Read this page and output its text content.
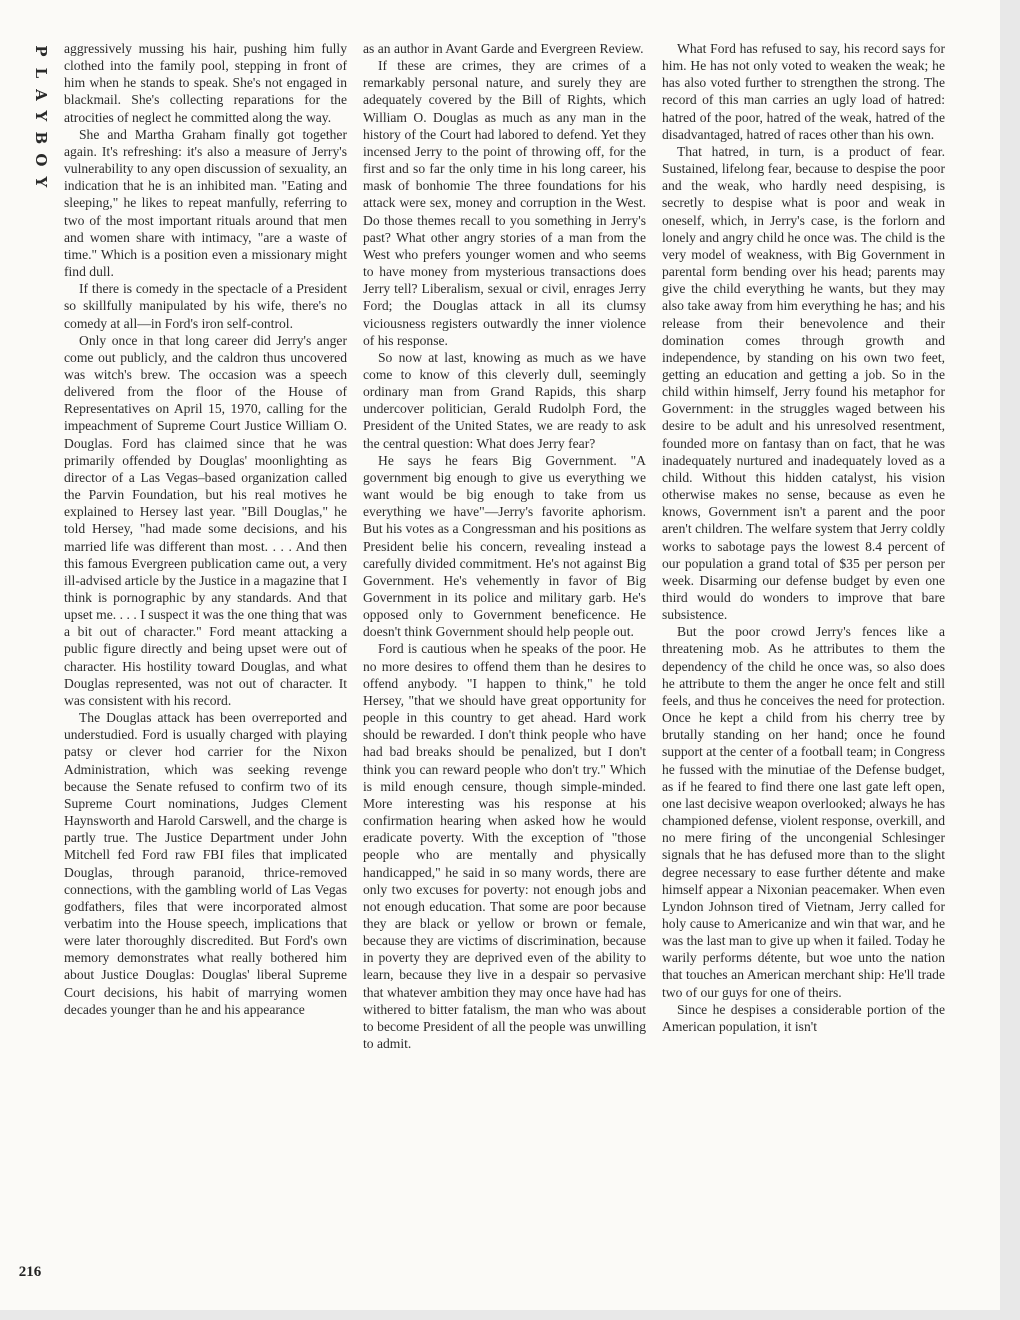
P
L
A
Y
B
O
Y
216

aggressively mussing his hair, pushing him fully clothed into the family pool, stepping in front of him when he stands to speak. She's not engaged in blackmail. She's collecting reparations for the atrocities of neglect he committed along the way.

She and Martha Graham finally got together again. It's refreshing: it's also a measure of Jerry's vulnerability to any open discussion of sexuality, an indication that he is an inhibited man. "Eating and sleeping," he likes to repeat manfully, referring to two of the most important rituals around that men and women share with intimacy, "are a waste of time." Which is a position even a missionary might find dull.

If there is comedy in the spectacle of a President so skillfully manipulated by his wife, there's no comedy at all—in Ford's iron self-control.

Only once in that long career did Jerry's anger come out publicly, and the caldron thus uncovered was witch's brew. The occasion was a speech delivered from the floor of the House of Representatives on April 15, 1970, calling for the impeachment of Supreme Court Justice William O. Douglas. Ford has claimed since that he was primarily offended by Douglas' moonlighting as director of a Las Vegas–based organization called the Parvin Foundation, but his real motives he explained to Hersey last year. "Bill Douglas," he told Hersey, "had made some decisions, and his married life was different than most. . . . And then this famous Evergreen publication came out, a very ill-advised article by the Justice in a magazine that I think is pornographic by any standards. And that upset me. . . . I suspect it was the one thing that was a bit out of character." Ford meant attacking a public figure directly and being upset were out of character. His hostility toward Douglas, and what Douglas represented, was not out of character. It was consistent with his record.

The Douglas attack has been overreported and understudied. Ford is usually charged with playing patsy or clever hod carrier for the Nixon Administration, which was seeking revenge because the Senate refused to confirm two of its Supreme Court nominations, Judges Clement Haynsworth and Harold Carswell, and the charge is partly true. The Justice Department under John Mitchell fed Ford raw FBI files that implicated Douglas, through paranoid, thrice-removed connections, with the gambling world of Las Vegas godfathers, files that were incorporated almost verbatim into the House speech, implications that were later thoroughly discredited. But Ford's own memory demonstrates what really bothered him about Justice Douglas: Douglas' liberal Supreme Court decisions, his habit of marrying women decades younger than he and his appearance

as an author in Avant Garde and Evergreen Review.

If these are crimes, they are crimes of a remarkably personal nature, and surely they are adequately covered by the Bill of Rights, which William O. Douglas as much as any man in the history of the Court had labored to defend. Yet they incensed Jerry to the point of throwing off, for the first and so far the only time in his long career, his mask of bonhomie The three foundations for his attack were sex, money and corruption in the West. Do those themes recall to you something in Jerry's past? What other angry stories of a man from the West who prefers younger women and who seems to have money from mysterious transactions does Jerry tell? Liberalism, sexual or civil, enrages Jerry Ford; the Douglas attack in all its clumsy viciousness registers outwardly the inner violence of his response.

So now at last, knowing as much as we have come to know of this cleverly dull, seemingly ordinary man from Grand Rapids, this sharp undercover politician, Gerald Rudolph Ford, the President of the United States, we are ready to ask the central question: What does Jerry fear?

He says he fears Big Government. "A government big enough to give us everything we want would be big enough to take from us everything we have"—Jerry's favorite aphorism. But his votes as a Congressman and his positions as President belie his concern, revealing instead a carefully divided commitment. He's not against Big Government. He's vehemently in favor of Big Government in its police and military garb. He's opposed only to Government beneficence. He doesn't think Government should help people out.

Ford is cautious when he speaks of the poor. He no more desires to offend them than he desires to offend anybody. "I happen to think," he told Hersey, "that we should have great opportunity for people in this country to get ahead. Hard work should be rewarded. I don't think people who have had bad breaks should be penalized, but I don't think you can reward people who don't try." Which is mild enough censure, though simple-minded. More interesting was his response at his confirmation hearing when asked how he would eradicate poverty. With the exception of "those people who are mentally and physically handicapped," he said in so many words, there are only two excuses for poverty: not enough jobs and not enough education. That some are poor because they are black or yellow or brown or female, because they are victims of discrimination, because in poverty they are deprived even of the ability to learn, because they live in a despair so pervasive that whatever ambition they may once have had has withered to bitter fatalism, the man who was about to become President of all the people was unwilling to admit.

What Ford has refused to say, his record says for him. He has not only voted to weaken the weak; he has also voted further to strengthen the strong. The record of this man carries an ugly load of hatred: hatred of the poor, hatred of the weak, hatred of the disadvantaged, hatred of races other than his own.

That hatred, in turn, is a product of fear. Sustained, lifelong fear, because to despise the poor and the weak, who hardly need despising, is secretly to despise what is poor and weak in oneself, which, in Jerry's case, is the forlorn and lonely and angry child he once was. The child is the very model of weakness, with Big Government in parental form bending over his head; parents may give the child everything he wants, but they may also take away from him everything he has; and his release from their benevolence and their domination comes through growth and independence, by standing on his own two feet, getting an education and getting a job. So in the child within himself, Jerry found his metaphor for Government: in the struggles waged between his desire to be adult and his unresolved resentment, founded more on fantasy than on fact, that he was inadequately nurtured and inadequately loved as a child. Without this hidden catalyst, his vision otherwise makes no sense, because as even he knows, Government isn't a parent and the poor aren't children. The welfare system that Jerry coldly works to sabotage pays the lowest 8.4 percent of our population a grand total of $35 per person per week. Disarming our defense budget by even one third would do wonders to improve that bare subsistence.

But the poor crowd Jerry's fences like a threatening mob. As he attributes to them the dependency of the child he once was, so also does he attribute to them the anger he once felt and still feels, and thus he conceives the need for protection. Once he kept a child from his cherry tree by brutally standing on her hand; once he found support at the center of a football team; in Congress he fussed with the minutiae of the Defense budget, as if he feared to find there one last gate left open, one last decisive weapon overlooked; always he has championed defense, violent response, overkill, and no mere firing of the uncongenial Schlesinger signals that he has defused more than to the slight degree necessary to ease further détente and make himself appear a Nixonian peacemaker. When even Lyndon Johnson tired of Vietnam, Jerry called for holy cause to Americanize and win that war, and he was the last man to give up when it failed. Today he warily performs détente, but woe unto the nation that touches an American merchant ship: He'll trade two of our guys for one of theirs.

Since he despises a considerable portion of the American population, it isn't
